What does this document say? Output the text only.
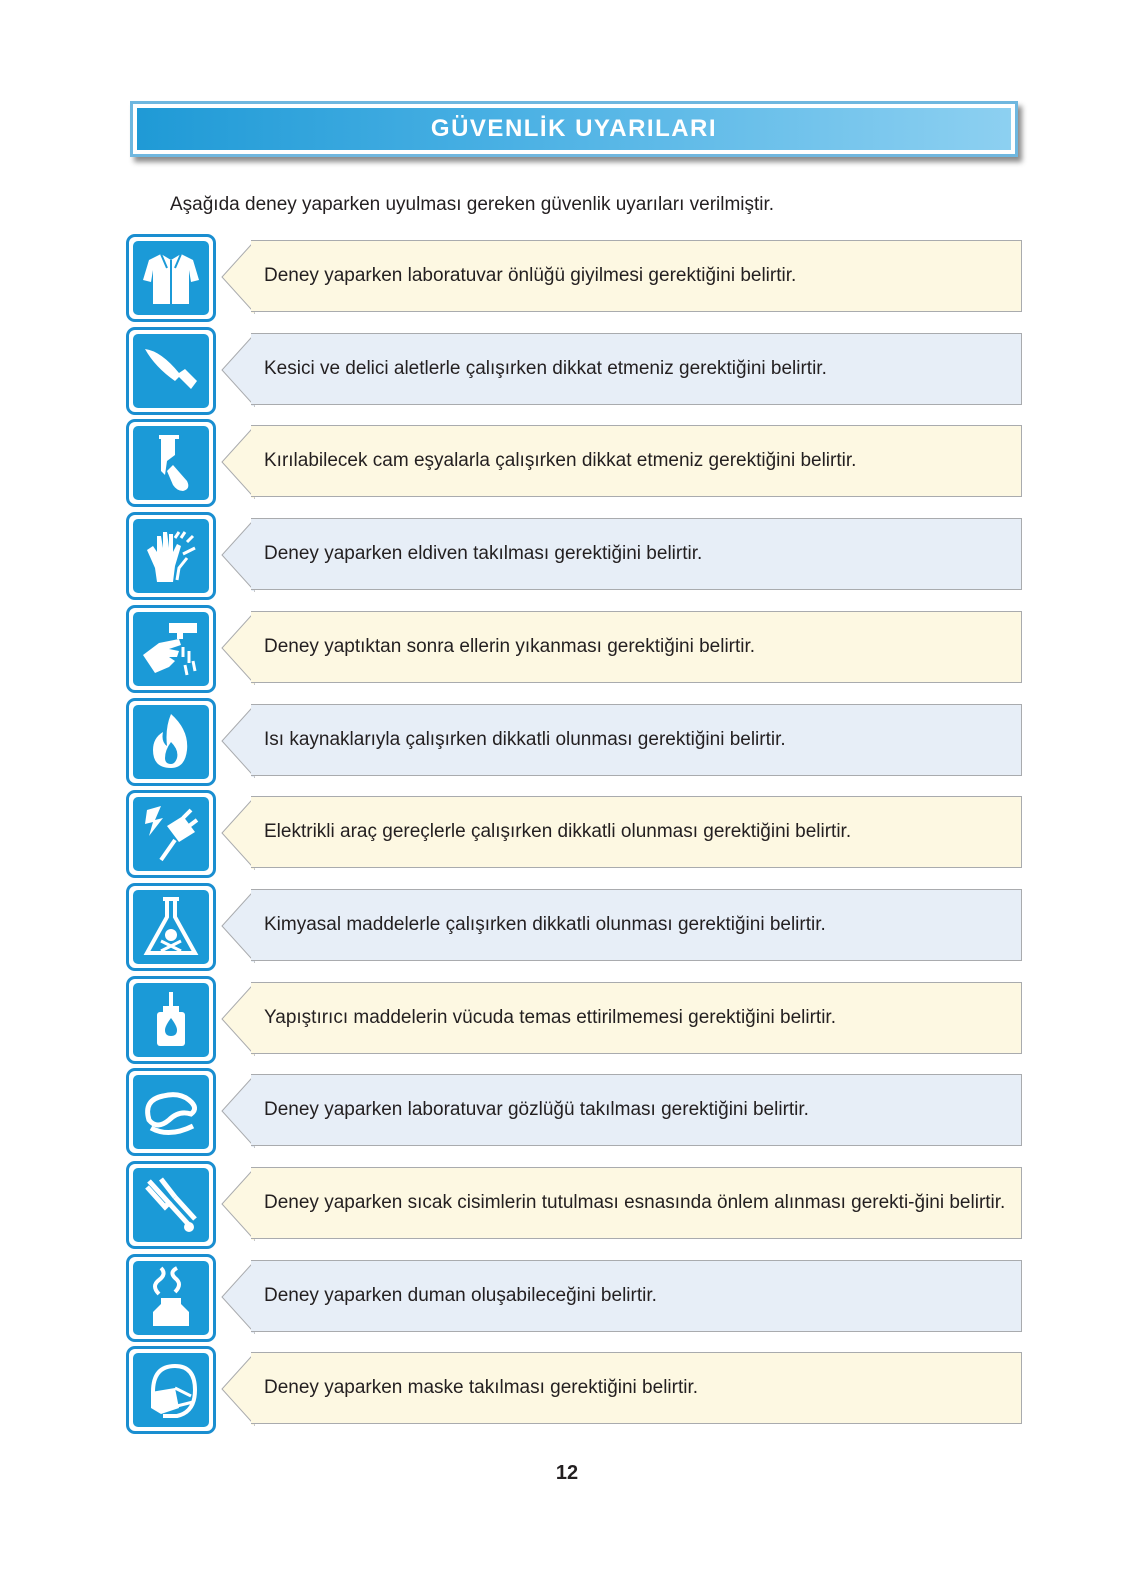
GÜVENLİK UYARILARI
Aşağıda deney yaparken uyulması gereken güvenlik uyarıları verilmiştir.
Deney yaparken laboratuvar önlüğü giyilmesi gerektiğini belirtir.
Kesici ve delici aletlerle çalışırken dikkat etmeniz gerektiğini belirtir.
Kırılabilecek cam eşyalarla çalışırken dikkat etmeniz gerektiğini belirtir.
Deney yaparken eldiven takılması gerektiğini belirtir.
Deney yaptıktan sonra ellerin yıkanması gerektiğini belirtir.
Isı kaynaklarıyla çalışırken dikkatli olunması gerektiğini belirtir.
Elektrikli araç gereçlerle çalışırken dikkatli olunması gerektiğini belirtir.
Kimyasal maddelerle çalışırken dikkatli olunması gerektiğini belirtir.
Yapıştırıcı maddelerin vücuda temas ettirilmemesi gerektiğini belirtir.
Deney yaparken laboratuvar gözlüğü takılması gerektiğini belirtir.
Deney yaparken sıcak cisimlerin tutulması esnasında önlem alınması gerekti-ğini belirtir.
Deney yaparken duman oluşabileceğini belirtir.
Deney yaparken maske takılması gerektiğini belirtir.
12
